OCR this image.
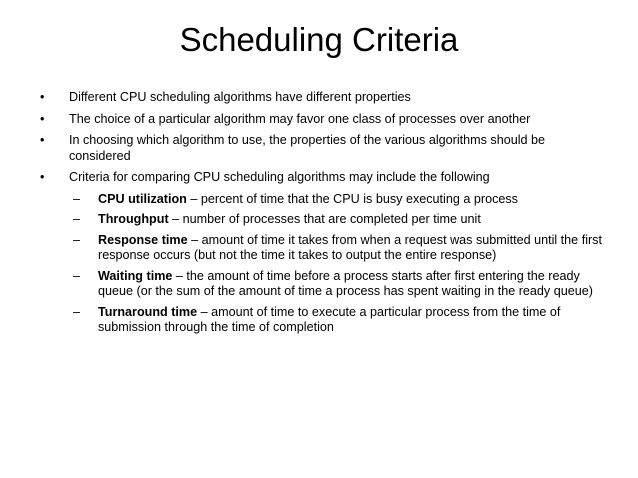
Scheduling Criteria
•	Different CPU scheduling algorithms have different properties
•	The choice of a particular algorithm may favor one class of processes over another
•	In choosing which algorithm to use, the properties of the various algorithms should be considered
•	Criteria for comparing CPU scheduling algorithms may include the following
– CPU utilization – percent of time that the CPU is busy executing a process
– Throughput – number of processes that are completed per time unit
– Response time – amount of time it takes from when a request was submitted until the first response occurs (but not the time it takes to output the entire response)
– Waiting time – the amount of time before a process starts after first entering the ready queue (or the sum of the amount of time a process has spent waiting in the ready queue)
– Turnaround time – amount of time to execute a particular process from the time of submission through the time of completion
